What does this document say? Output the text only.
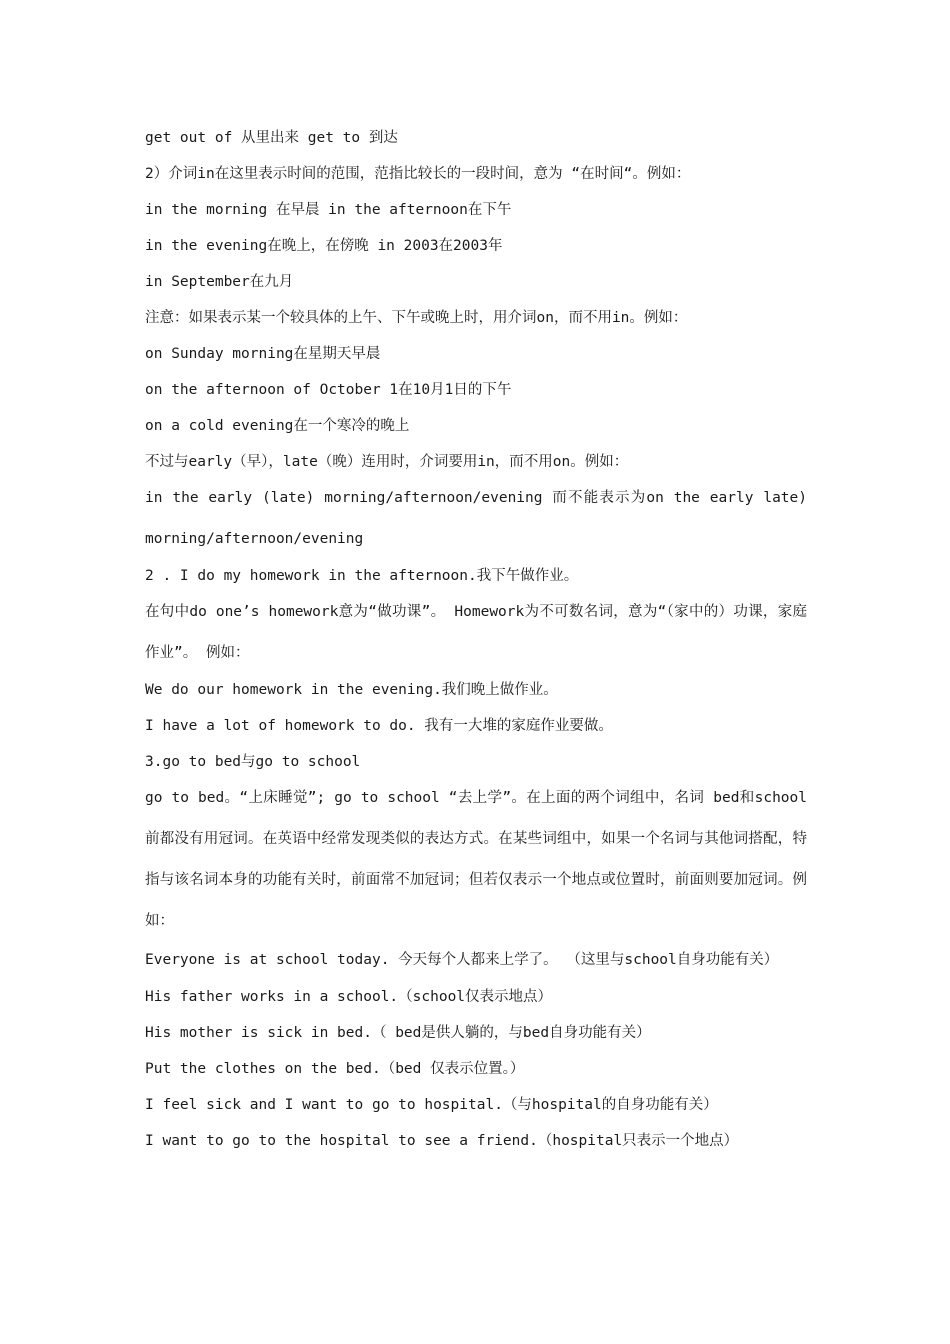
get out of 从里出来 get to 到达
2）介词in在这里表示时间的范围，范指比较长的一段时间，意为 “在时间“。例如：
in the morning 在早晨 in the afternoon在下午
in the evening在晚上，在傍晚 in 2003在2003年
in September在九月
注意：如果表示某一个较具体的上午、下午或晚上时，用介词on，而不用in。例如：
on Sunday morning在星期天早晨
on the afternoon of October 1在10月1日的下午
on a cold evening在一个寒冷的晚上
不过与early（早），late（晚）连用时，介词要用in，而不用on。例如：
in the early (late) morning/afternoon/evening 而不能表示为on the early late) morning/afternoon/evening
2 . I do my homework in the afternoon.我下午做作业。
在句中do one’s homework意为“做功课”。 Homework为不可数名词，意为“（家中的）功课，家庭作业”。 例如：
We do our homework in the evening.我们晚上做作业。
I have a lot of homework to do. 我有一大堆的家庭作业要做。
3.go to bed与go to school
go to bed。“上床睡觉”; go to school “去上学”。在上面的两个词组中，名词 bed和school前都没有用冠词。在英语中经常发现类似的表达方式。在某些词组中，如果一个名词与其他词搭配，特指与该名词本身的功能有关时，前面常不加冠词；但若仅表示一个地点或位置时，前面则要加冠词。例如：
Everyone is at school today. 今天每个人都来上学了。 （这里与school自身功能有关）
His father works in a school.（school仅表示地点）
His mother is sick in bed.（ bed是供人躺的，与bed自身功能有关）
Put the clothes on the bed.（bed 仅表示位置。）
I feel sick and I want to go to hospital.（与hospital的自身功能有关）
I want to go to the hospital to see a friend.（hospital只表示一个地点）
